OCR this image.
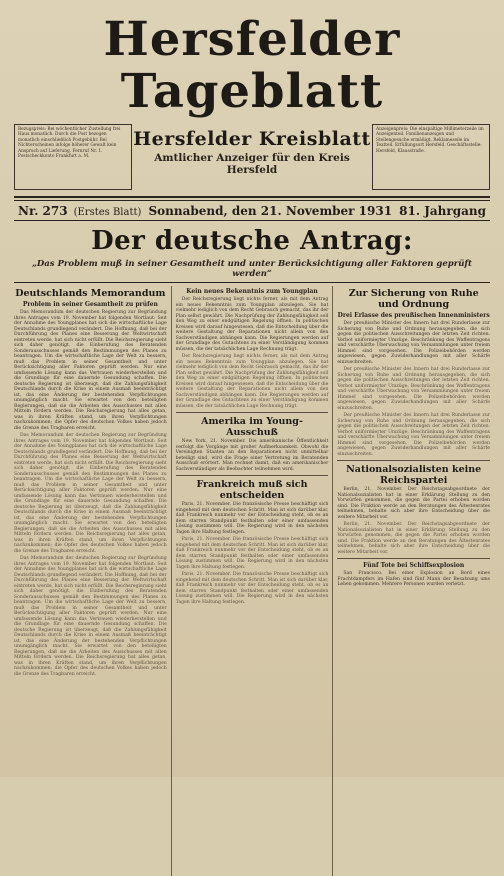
Hersfelder Tageblatt
Bezugspreis: Bei wöchentlicher Zustellung frei Haus monatlich. Durch die Post bezogen monatlich einschließlich Postgebühr. Bei Nichterscheinen infolge höherer Gewalt kein Anspruch auf Lieferung. Fernruf Nr. 1. Postscheckkonto Frankfurt a. M.
Hersfelder Kreisblatt
Amtlicher Anzeiger für den Kreis Hersfeld
Anzeigenpreis: Die einspaltige Millimeterzeile im Anzeigenteil. Familienanzeigen und Stellengesuche ermäßigt. Reklamezeile im Textteil. Erfüllungsort Hersfeld. Geschäftsstelle: Hersfeld, Klausstraße.
Nr. 273 (Erstes Blatt) Sonnabend, den 21. November 1931 81. Jahrgang
Der deutsche Antrag:
„Das Problem muß in seiner Gesamtheit und unter Berücksichtigung aller Faktoren geprüft werden“
Deutschlands Memorandum
Problem in seiner Gesamtheit zu prüfen

Das Memorandum der deutschen Regierung zur Begründung ihres Antrages vom 19. November hat folgenden Wortlaut: Seit der Annahme des Youngplanes hat sich die wirtschaftliche Lage Deutschlands grundlegend verändert. Die Hoffnung, daß bei der Durchführung des Planes eine Besserung der Weltwirtschaft eintreten werde, hat sich nicht erfüllt. Die Reichsregierung sieht sich daher genötigt, die Einberufung des Beratenden Sonderausschusses gemäß den Bestimmungen des Planes zu beantragen. Um die wirtschaftliche Lage der Welt zu bessern, muß das Problem in seiner Gesamtheit und unter Berücksichtigung aller Faktoren geprüft werden. Nur eine umfassende Lösung kann das Vertrauen wiederherstellen und die Grundlage für eine dauernde Gesundung schaffen. Die deutsche Regierung ist überzeugt, daß die Zahlungsfähigkeit Deutschlands durch die Krise in einem Ausmaß beeinträchtigt ist, das eine Änderung der bestehenden Verpflichtungen unumgänglich macht. Sie erwartet von den beteiligten Regierungen, daß sie die Arbeiten des Ausschusses mit allen Mitteln fördern werden. Die Reichsregierung hat alles getan, was in ihren Kräften stand, um ihren Verpflichtungen nachzukommen; die Opfer des deutschen Volkes haben jedoch die Grenze des Tragbaren erreicht.

Das Memorandum der deutschen Regierung zur Begründung ihres Antrages vom 19. November hat folgenden Wortlaut: Seit der Annahme des Youngplanes hat sich die wirtschaftliche Lage Deutschlands grundlegend verändert. Die Hoffnung, daß bei der Durchführung des Planes eine Besserung der Weltwirtschaft eintreten werde, hat sich nicht erfüllt. Die Reichsregierung sieht sich daher genötigt, die Einberufung des Beratenden Sonderausschusses gemäß den Bestimmungen des Planes zu beantragen. Um die wirtschaftliche Lage der Welt zu bessern, muß das Problem in seiner Gesamtheit und unter Berücksichtigung aller Faktoren geprüft werden. Nur eine umfassende Lösung kann das Vertrauen wiederherstellen und die Grundlage für eine dauernde Gesundung schaffen. Die deutsche Regierung ist überzeugt, daß die Zahlungsfähigkeit Deutschlands durch die Krise in einem Ausmaß beeinträchtigt ist, das eine Änderung der bestehenden Verpflichtungen unumgänglich macht. Sie erwartet von den beteiligten Regierungen, daß sie die Arbeiten des Ausschusses mit allen Mitteln fördern werden. Die Reichsregierung hat alles getan, was in ihren Kräften stand, um ihren Verpflichtungen nachzukommen; die Opfer des deutschen Volkes haben jedoch die Grenze des Tragbaren erreicht.

Das Memorandum der deutschen Regierung zur Begründung ihres Antrages vom 19. November hat folgenden Wortlaut: Seit der Annahme des Youngplanes hat sich die wirtschaftliche Lage Deutschlands grundlegend verändert. Die Hoffnung, daß bei der Durchführung des Planes eine Besserung der Weltwirtschaft eintreten werde, hat sich nicht erfüllt. Die Reichsregierung sieht sich daher genötigt, die Einberufung des Beratenden Sonderausschusses gemäß den Bestimmungen des Planes zu beantragen. Um die wirtschaftliche Lage der Welt zu bessern, muß das Problem in seiner Gesamtheit und unter Berücksichtigung aller Faktoren geprüft werden. Nur eine umfassende Lösung kann das Vertrauen wiederherstellen und die Grundlage für eine dauernde Gesundung schaffen. Die deutsche Regierung ist überzeugt, daß die Zahlungsfähigkeit Deutschlands durch die Krise in einem Ausmaß beeinträchtigt ist, das eine Änderung der bestehenden Verpflichtungen unumgänglich macht. Sie erwartet von den beteiligten Regierungen, daß sie die Arbeiten des Ausschusses mit allen Mitteln fördern werden. Die Reichsregierung hat alles getan, was in ihren Kräften stand, um ihren Verpflichtungen nachzukommen; die Opfer des deutschen Volkes haben jedoch die Grenze des Tragbaren erreicht.

Kein neues Bekenntnis zum Youngplan

Der Reichsregierung liegt nichts ferner, als mit dem Antrag ein neues Bekenntnis zum Youngplan abzulegen. Sie hat vielmehr lediglich von dem Recht Gebrauch gemacht, das ihr der Plan selbst gewährt. Die Nachprüfung der Zahlungsfähigkeit soll den Weg zu einer endgültigen Regelung öffnen. In politischen Kreisen wird darauf hingewiesen, daß die Entscheidung über die weitere Gestaltung der Reparationen nicht allein von den Sachverständigen abhängen kann. Die Regierungen werden auf der Grundlage des Gutachtens zu einer Verständigung kommen müssen, die der tatsächlichen Lage Rechnung trägt.

Der Reichsregierung liegt nichts ferner, als mit dem Antrag ein neues Bekenntnis zum Youngplan abzulegen. Sie hat vielmehr lediglich von dem Recht Gebrauch gemacht, das ihr der Plan selbst gewährt. Die Nachprüfung der Zahlungsfähigkeit soll den Weg zu einer endgültigen Regelung öffnen. In politischen Kreisen wird darauf hingewiesen, daß die Entscheidung über die weitere Gestaltung der Reparationen nicht allein von den Sachverständigen abhängen kann. Die Regierungen werden auf der Grundlage des Gutachtens zu einer Verständigung kommen müssen, die der tatsächlichen Lage Rechnung trägt.

Amerika im Young-Ausschuß

New York, 21. November. Die amerikanische Öffentlichkeit verfolgt die Vorgänge mit großer Aufmerksamkeit. Obwohl die Vereinigten Staaten an den Reparationen nicht unmittelbar beteiligt sind, wird die Frage einer Vertretung im Beratenden Ausschuß erörtert. Man rechnet damit, daß ein amerikanischer Sachverständiger als Beobachter teilnehmen wird.

Frankreich muß sich entscheiden

Paris, 21. November. Die französische Presse beschäftigt sich eingehend mit dem deutschen Schritt. Man ist sich darüber klar, daß Frankreich nunmehr vor der Entscheidung steht, ob es an dem starren Standpunkt festhalten oder einer umfassenden Lösung zustimmen will. Die Regierung wird in den nächsten Tagen ihre Haltung festlegen.

Paris, 21. November. Die französische Presse beschäftigt sich eingehend mit dem deutschen Schritt. Man ist sich darüber klar, daß Frankreich nunmehr vor der Entscheidung steht, ob es an dem starren Standpunkt festhalten oder einer umfassenden Lösung zustimmen will. Die Regierung wird in den nächsten Tagen ihre Haltung festlegen.

Paris, 21. November. Die französische Presse beschäftigt sich eingehend mit dem deutschen Schritt. Man ist sich darüber klar, daß Frankreich nunmehr vor der Entscheidung steht, ob es an dem starren Standpunkt festhalten oder einer umfassenden Lösung zustimmen will. Die Regierung wird in den nächsten Tagen ihre Haltung festlegen.

Zur Sicherung von Ruhe und Ordnung
Drei Erlasse des preußischen Innenministers

Der preußische Minister des Innern hat drei Runderlasse zur Sicherung von Ruhe und Ordnung herausgegeben, die sich gegen die politischen Ausschreitungen der letzten Zeit richten. Verbot uniformierter Umzüge, Beschränkung des Waffentragens und verschärfte Überwachung von Versammlungen unter freiem Himmel sind vorgesehen. Die Polizeibehörden werden angewiesen, gegen Zuwiderhandlungen mit aller Schärfe einzuschreiten.

Der preußische Minister des Innern hat drei Runderlasse zur Sicherung von Ruhe und Ordnung herausgegeben, die sich gegen die politischen Ausschreitungen der letzten Zeit richten. Verbot uniformierter Umzüge, Beschränkung des Waffentragens und verschärfte Überwachung von Versammlungen unter freiem Himmel sind vorgesehen. Die Polizeibehörden werden angewiesen, gegen Zuwiderhandlungen mit aller Schärfe einzuschreiten.

Der preußische Minister des Innern hat drei Runderlasse zur Sicherung von Ruhe und Ordnung herausgegeben, die sich gegen die politischen Ausschreitungen der letzten Zeit richten. Verbot uniformierter Umzüge, Beschränkung des Waffentragens und verschärfte Überwachung von Versammlungen unter freiem Himmel sind vorgesehen. Die Polizeibehörden werden angewiesen, gegen Zuwiderhandlungen mit aller Schärfe einzuschreiten.

Nationalsozialisten keine Reichspartei

Berlin, 21. November. Der Reichstagsabgeordnete der Nationalsozialisten hat in einer Erklärung Stellung zu den Vorwürfen genommen, die gegen die Partei erhoben worden sind. Die Fraktion werde an den Beratungen des Ältestenrates teilnehmen, behalte sich aber ihre Entscheidung über die weitere Mitarbeit vor.

Berlin, 21. November. Der Reichstagsabgeordnete der Nationalsozialisten hat in einer Erklärung Stellung zu den Vorwürfen genommen, die gegen die Partei erhoben worden sind. Die Fraktion werde an den Beratungen des Ältestenrates teilnehmen, behalte sich aber ihre Entscheidung über die weitere Mitarbeit vor.

Fünf Tote bei Schiffsexplosion

San Francisco. Bei einer Explosion an Bord eines Frachtdampfers im Hafen sind fünf Mann der Besatzung ums Leben gekommen. Mehrere Personen wurden verletzt.
